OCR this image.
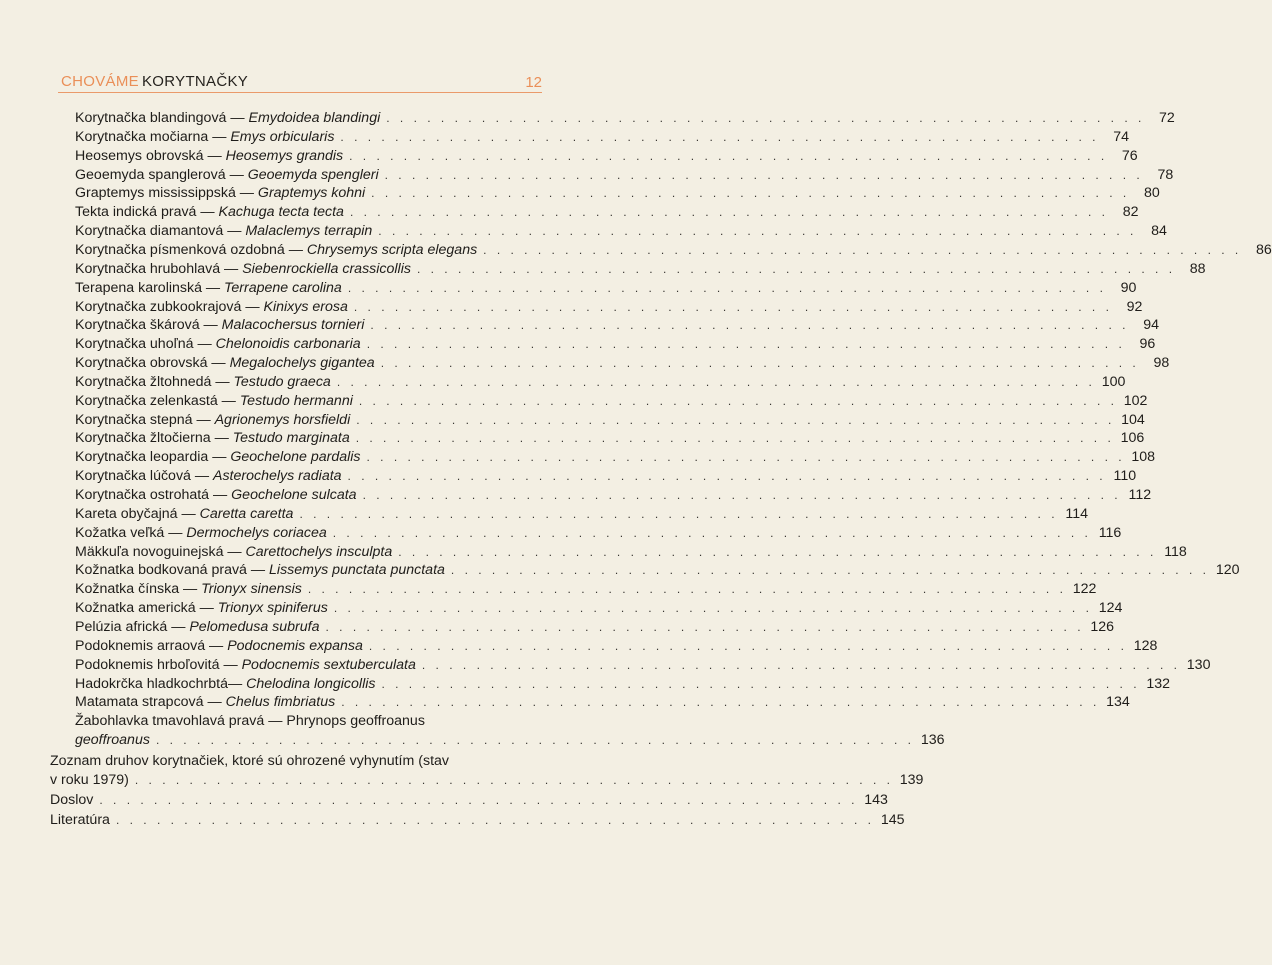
CHOVÁME KORYTNAČKY	12
Korytnačka blandingová — Emydoidea blandingi . . . . . . . . . . . . . . . . . . . . . . . . . . . . . . . . . . . . . . . . . . . . . . . . . . . . . . . .	72
Korytnačka močiarna — Emys orbicularis . . . . . . . . . . . . . . . . . . . . . . . . . . . . . . . . . . . . . . . . . . . . . . . . . . . . . . . .	74
Heosemys obrovská — Heosemys grandis . . . . . . . . . . . . . . . . . . . . . . . . . . . . . . . . . . . . . . . . . . . . . . . . . . . . . . . .	76
Geoemyda spanglerová — Geoemyda spengleri . . . . . . . . . . . . . . . . . . . . . . . . . . . . . . . . . . . . . . . . . . . . . . . . . . . . . . . .	78
Graptemys mississippská — Graptemys kohni . . . . . . . . . . . . . . . . . . . . . . . . . . . . . . . . . . . . . . . . . . . . . . . . . . . . . . . .	80
Tekta indická pravá — Kachuga tecta tecta . . . . . . . . . . . . . . . . . . . . . . . . . . . . . . . . . . . . . . . . . . . . . . . . . . . . . . . .	82
Korytnačka diamantová — Malaclemys terrapin . . . . . . . . . . . . . . . . . . . . . . . . . . . . . . . . . . . . . . . . . . . . . . . . . . . . . . . .	84
Korytnačka písmenková ozdobná — Chrysemys scripta elegans . . . . . . . . . . . . . . . . . . . . . . . . . . . . . . . . . . . . . . . . . . . . . . . . . . . . . . . .	86
Korytnačka hrubohlavá — Siebenrockiella crassicollis . . . . . . . . . . . . . . . . . . . . . . . . . . . . . . . . . . . . . . . . . . . . . . . . . . . . . . . .	88
Terapena karolinská — Terrapene carolina . . . . . . . . . . . . . . . . . . . . . . . . . . . . . . . . . . . . . . . . . . . . . . . . . . . . . . . .	90
Korytnačka zubkookrajová — Kinixys erosa . . . . . . . . . . . . . . . . . . . . . . . . . . . . . . . . . . . . . . . . . . . . . . . . . . . . . . . .	92
Korytnačka škárová — Malacochersus tornieri . . . . . . . . . . . . . . . . . . . . . . . . . . . . . . . . . . . . . . . . . . . . . . . . . . . . . . . .	94
Korytnačka uhoľná — Chelonoidis carbonaria . . . . . . . . . . . . . . . . . . . . . . . . . . . . . . . . . . . . . . . . . . . . . . . . . . . . . . . .	96
Korytnačka obrovská — Megalochelys gigantea . . . . . . . . . . . . . . . . . . . . . . . . . . . . . . . . . . . . . . . . . . . . . . . . . . . . . . . .	98
Korytnačka žltohnedá — Testudo graeca . . . . . . . . . . . . . . . . . . . . . . . . . . . . . . . . . . . . . . . . . . . . . . . . . . . . . . . . 100
Korytnačka zelenkastá — Testudo hermanni . . . . . . . . . . . . . . . . . . . . . . . . . . . . . . . . . . . . . . . . . . . . . . . . . . . . . . . . 102
Korytnačka stepná — Agrionemys horsfieldi . . . . . . . . . . . . . . . . . . . . . . . . . . . . . . . . . . . . . . . . . . . . . . . . . . . . . . . . 104
Korytnačka žltočierna — Testudo marginata . . . . . . . . . . . . . . . . . . . . . . . . . . . . . . . . . . . . . . . . . . . . . . . . . . . . . . . . 106
Korytnačka leopardia — Geochelone pardalis . . . . . . . . . . . . . . . . . . . . . . . . . . . . . . . . . . . . . . . . . . . . . . . . . . . . . . . . 108
Korytnačka lúčová — Asterochelys radiata . . . . . . . . . . . . . . . . . . . . . . . . . . . . . . . . . . . . . . . . . . . . . . . . . . . . . . . . 110
Korytnačka ostrohatá — Geochelone sulcata . . . . . . . . . . . . . . . . . . . . . . . . . . . . . . . . . . . . . . . . . . . . . . . . . . . . . . . . 112
Kareta obyčajná — Caretta caretta . . . . . . . . . . . . . . . . . . . . . . . . . . . . . . . . . . . . . . . . . . . . . . . . . . . . . . . . 114
Kožatka veľká — Dermochelys coriacea . . . . . . . . . . . . . . . . . . . . . . . . . . . . . . . . . . . . . . . . . . . . . . . . . . . . . . . . 116
Mäkkuľa novoguinejská — Carettochelys insculpta . . . . . . . . . . . . . . . . . . . . . . . . . . . . . . . . . . . . . . . . . . . . . . . . . . . . . . . . 118
Kožnatka bodkovaná pravá — Lissemys punctata punctata . . . . . . . . . . . . . . . . . . . . . . . . . . . . . . . . . . . . . . . . . . . . . . . . . . . . . . . . 120
Kožnatka čínska — Trionyx sinensis . . . . . . . . . . . . . . . . . . . . . . . . . . . . . . . . . . . . . . . . . . . . . . . . . . . . . . . . 122
Kožnatka americká — Trionyx spiniferus . . . . . . . . . . . . . . . . . . . . . . . . . . . . . . . . . . . . . . . . . . . . . . . . . . . . . . . . 124
Pelúzia africká — Pelomedusa subrufa . . . . . . . . . . . . . . . . . . . . . . . . . . . . . . . . . . . . . . . . . . . . . . . . . . . . . . . . 126
Podoknemis arraová — Podocnemis expansa . . . . . . . . . . . . . . . . . . . . . . . . . . . . . . . . . . . . . . . . . . . . . . . . . . . . . . . . 128
Podoknemis hrboľovitá — Podocnemis sextuberculata . . . . . . . . . . . . . . . . . . . . . . . . . . . . . . . . . . . . . . . . . . . . . . . . . . . . . . . . 130
Hadokrčka hladkochrbtá— Chelodina longicollis . . . . . . . . . . . . . . . . . . . . . . . . . . . . . . . . . . . . . . . . . . . . . . . . . . . . . . . . 132
Matamata strapcová — Chelus fimbriatus . . . . . . . . . . . . . . . . . . . . . . . . . . . . . . . . . . . . . . . . . . . . . . . . . . . . . . . . 134
Žabohlavka tmavohlavá pravá — Phrynops geoffroanus
geoffroanus . . . . . . . . . . . . . . . . . . . . . . . . . . . . . . . . . . . . . . . . . . . . . . . . . . . . . . . . 136
Zoznam druhov korytnačiek, ktoré sú ohrozené vyhynutím (stav
v roku 1979) . . . . . . . . . . . . . . . . . . . . . . . . . . . . . . . . . . . . . . . . . . . . . . . . . . . . . . . . 139
Doslov . . . . . . . . . . . . . . . . . . . . . . . . . . . . . . . . . . . . . . . . . . . . . . . . . . . . . . . . 143
Literatúra . . . . . . . . . . . . . . . . . . . . . . . . . . . . . . . . . . . . . . . . . . . . . . . . . . . . . . . . 145
